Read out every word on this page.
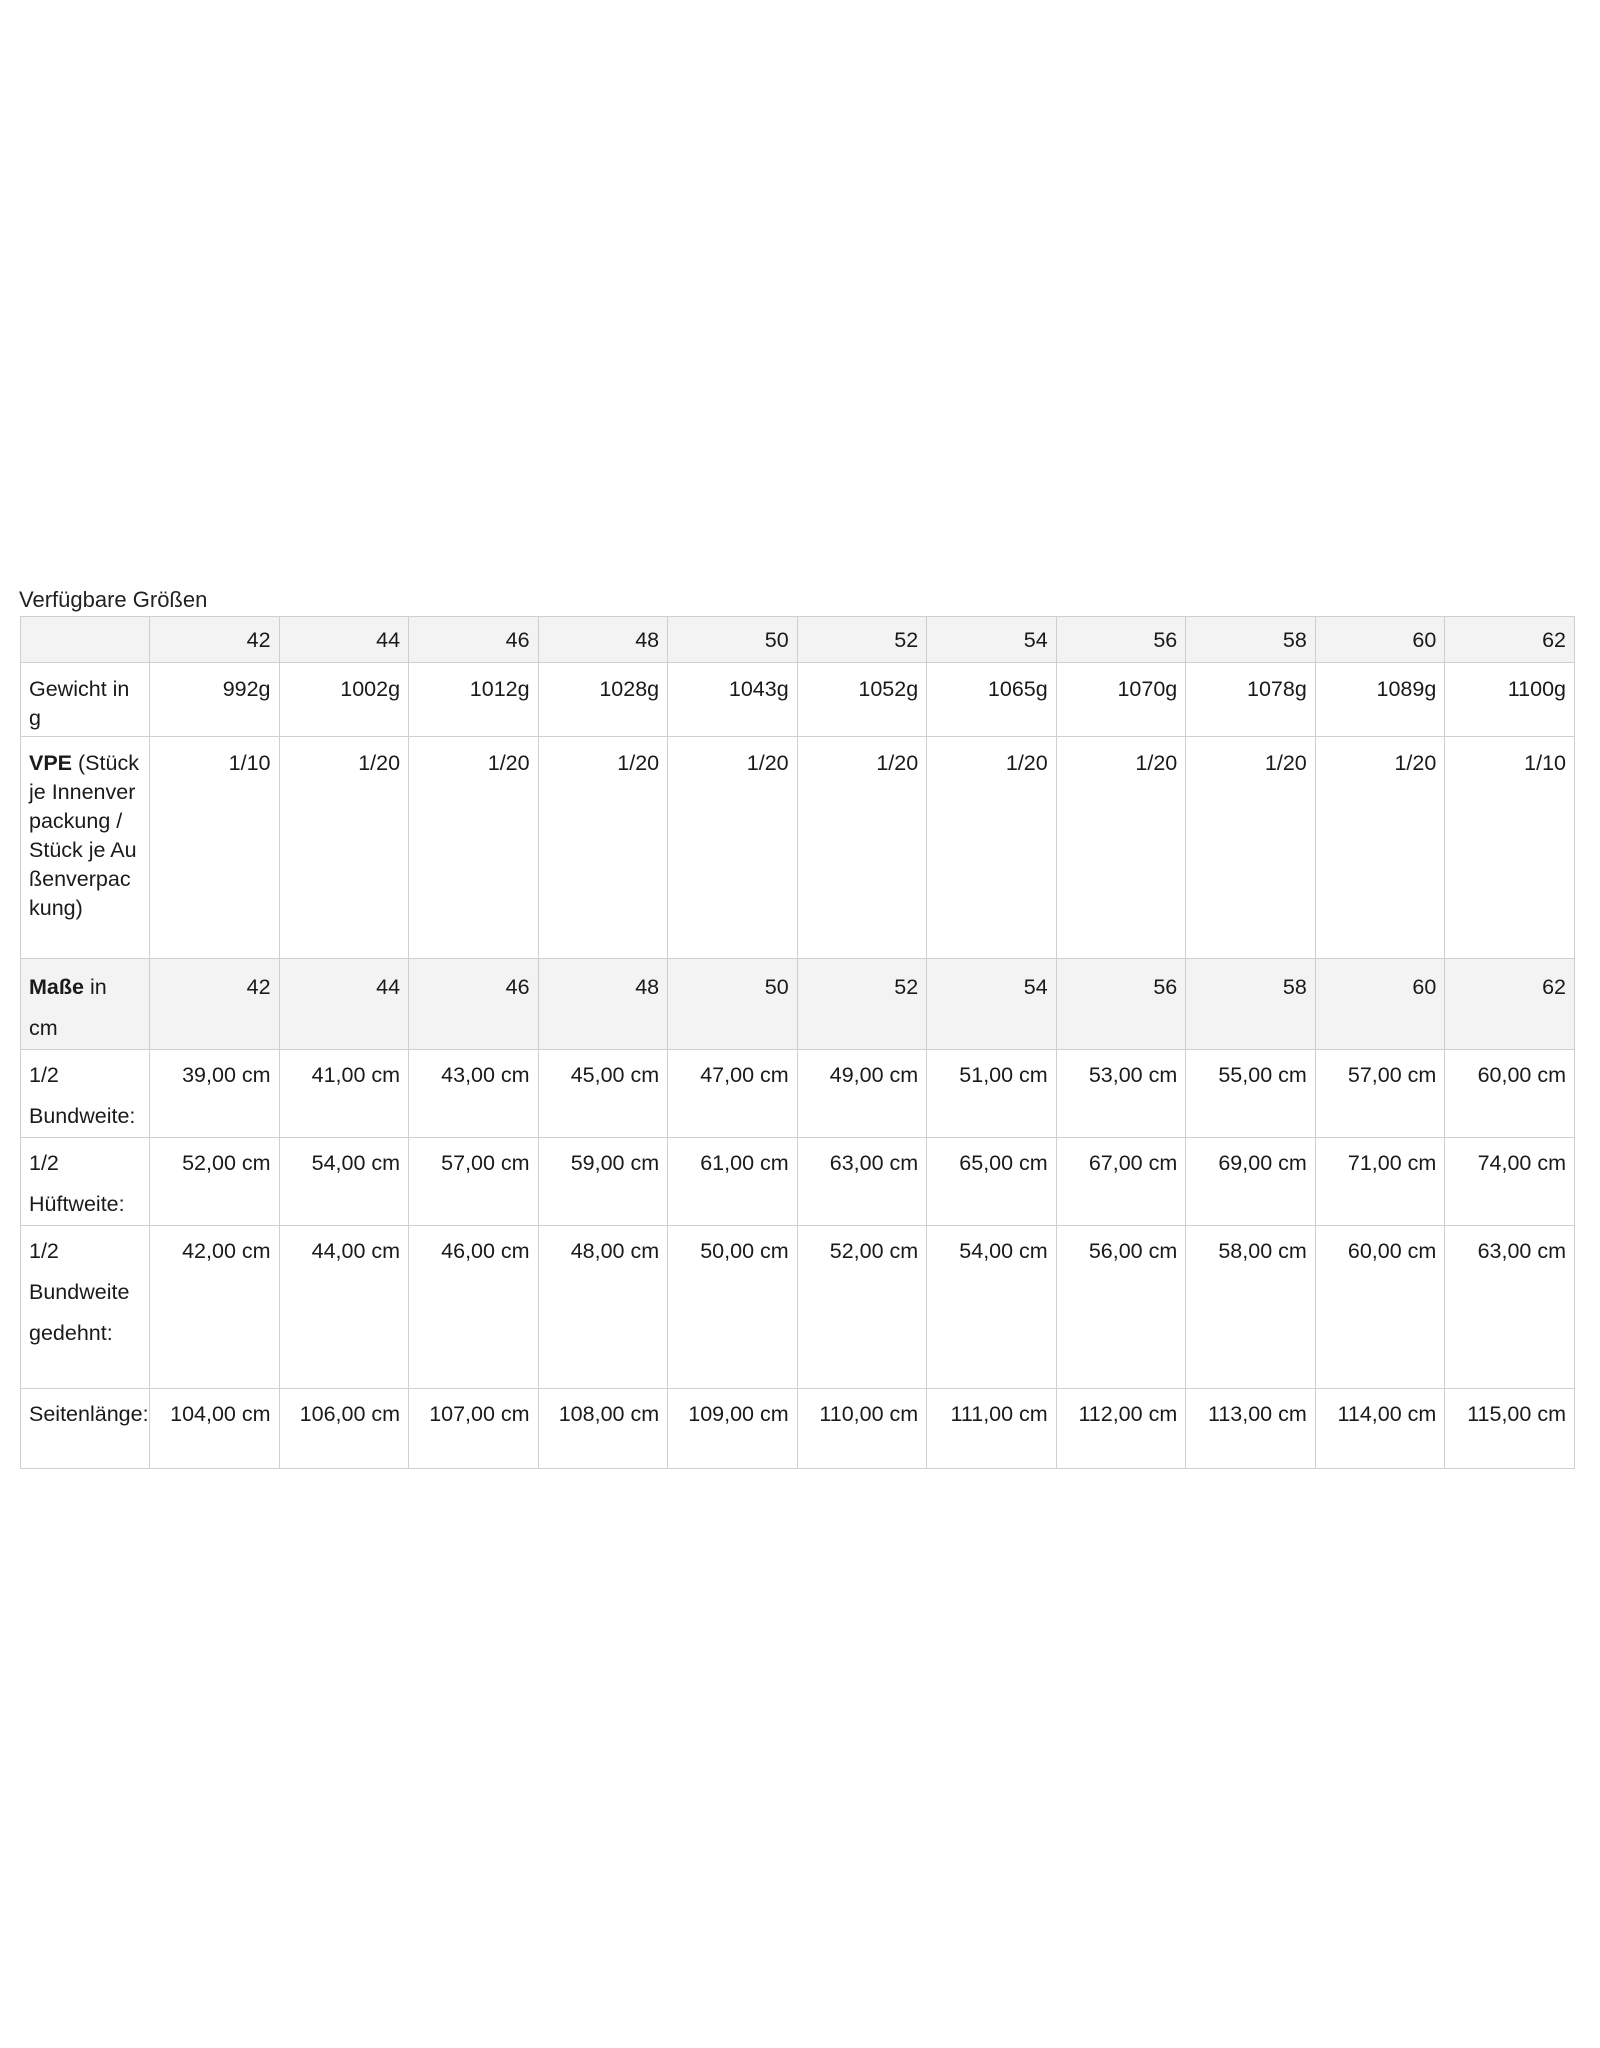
Verfügbare Größen
	42	44	46	48	50	52	54	56	58	60	62
Gewicht in g	992g	1002g	1012g	1028g	1043g	1052g	1065g	1070g	1078g	1089g	1100g
VPE (Stück je Innenverpackung / Stück je Außenverpackung)	1/10	1/20	1/20	1/20	1/20	1/20	1/20	1/20	1/20	1/20	1/10
Maße in cm	42	44	46	48	50	52	54	56	58	60	62
1/2 Bundweite:	39,00 cm	41,00 cm	43,00 cm	45,00 cm	47,00 cm	49,00 cm	51,00 cm	53,00 cm	55,00 cm	57,00 cm	60,00 cm
1/2 Hüftweite:	52,00 cm	54,00 cm	57,00 cm	59,00 cm	61,00 cm	63,00 cm	65,00 cm	67,00 cm	69,00 cm	71,00 cm	74,00 cm
1/2 Bundweite gedehnt:	42,00 cm	44,00 cm	46,00 cm	48,00 cm	50,00 cm	52,00 cm	54,00 cm	56,00 cm	58,00 cm	60,00 cm	63,00 cm
Seitenlänge:	104,00 cm	106,00 cm	107,00 cm	108,00 cm	109,00 cm	110,00 cm	111,00 cm	112,00 cm	113,00 cm	114,00 cm	115,00 cm
